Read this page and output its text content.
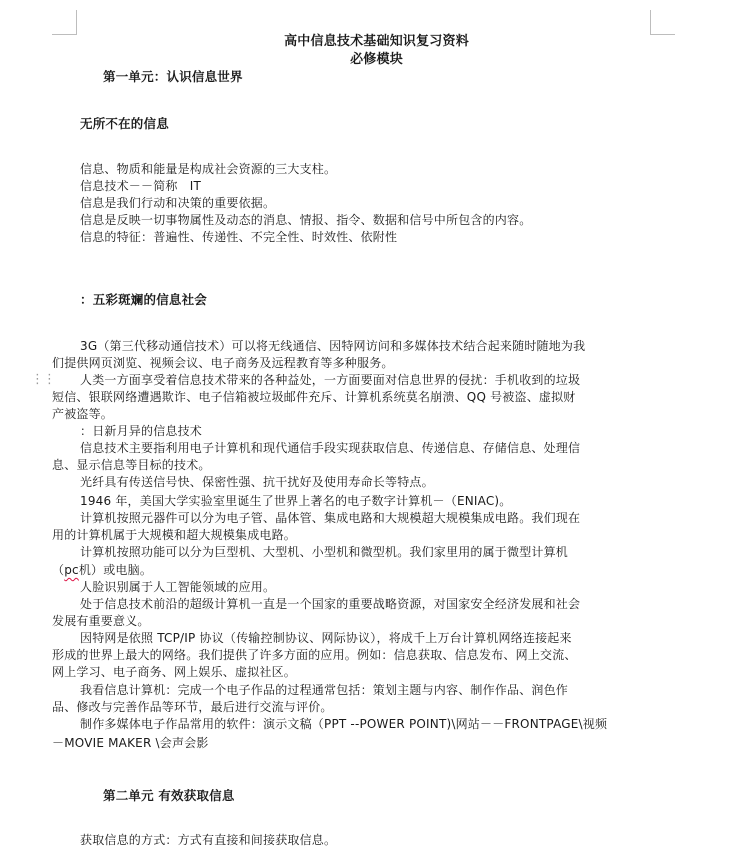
⋮⋮
高中信息技术基础知识复习资料
必修模块
第一单元：认识信息世界
无所不在的信息
信息、物质和能量是构成社会资源的三大支柱。
信息技术－－简称　IT
信息是我们行动和决策的重要依据。
信息是反映一切事物属性及动态的消息、情报、指令、数据和信号中所包含的内容。
信息的特征：普遍性、传递性、不完全性、时效性、依附性
：五彩斑斓的信息社会
3G（第三代移动通信技术）可以将无线通信、因特网访问和多媒体技术结合起来随时随地为我
们提供网页浏览、视频会议、电子商务及远程教育等多种服务。
人类一方面享受着信息技术带来的各种益处，一方面要面对信息世界的侵扰：手机收到的垃圾
短信、银联网络遭遇欺诈、电子信箱被垃圾邮件充斥、计算机系统莫名崩溃、QQ 号被盗、虚拟财
产被盗等。
：日新月异的信息技术
信息技术主要指利用电子计算机和现代通信手段实现获取信息、传递信息、存储信息、处理信
息、显示信息等目标的技术。
光纤具有传送信号快、保密性强、抗干扰好及使用寿命长等特点。
1946 年，美国大学实验室里诞生了世界上著名的电子数字计算机－（ENIAC)。
计算机按照元器件可以分为电子管、晶体管、集成电路和大规模超大规模集成电路。我们现在
用的计算机属于大规模和超大规模集成电路。
计算机按照功能可以分为巨型机、大型机、小型机和微型机。我们家里用的属于微型计算机
（pc机）或电脑。
人脸识别属于人工智能领域的应用。
处于信息技术前沿的超级计算机一直是一个国家的重要战略资源，对国家安全经济发展和社会
发展有重要意义。
因特网是依照 TCP/IP 协议（传输控制协议、网际协议），将成千上万台计算机网络连接起来
形成的世界上最大的网络。我们提供了许多方面的应用。例如：信息获取、信息发布、网上交流、
网上学习、电子商务、网上娱乐、虚拟社区。
我看信息计算机：完成一个电子作品的过程通常包括：策划主题与内容、制作作品、润色作
品、修改与完善作品等环节，最后进行交流与评价。
制作多媒体电子作品常用的软件：演示文稿（PPT --POWER POINT)\网站－－FRONTPAGE\视频
－MOVIE MAKER \会声会影
第二单元 有效获取信息
获取信息的方式：方式有直接和间接获取信息。
